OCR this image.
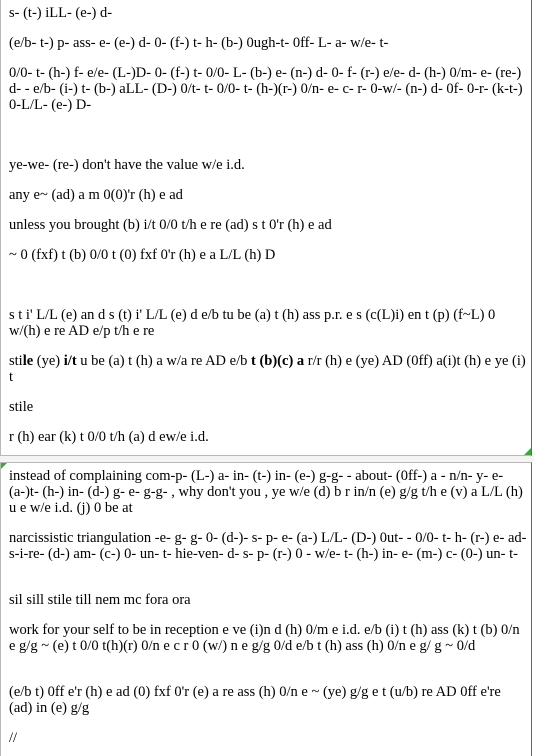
s- (t-) iLL- (e-) d-

(e/b- t-) p- ass- e- (e-) d- 0- (f-) t- h- (b-) 0ugh-t- 0ff- L- a- w/e- t-

0/0- t- (h-) f- e/e- (L-)D- 0- (f-) t- 0/0- L- (b-) e- (n-) d- 0- f- (r-) e/e- d- (h-) 0/m- e- (re-) d- - e/b- (i-) t- (b-) aLL- (D-) 0/t- t- 0/0- t- (h-)(r-) 0/n- e- c- r- 0-w/- (n-) d- 0f- 0-r- (k-t-) 0-L/L- (e-) D-

ye-we- (re-) don't have the value w/e i.d.

any e~ (ad) a m 0(0)'r (h) e ad

unless you brought (b) i/t 0/0 t/h e re (ad) s t 0'r (h) e ad

~ 0 (fxf) t (b) 0/0 t (0) fxf 0'r (h) e a L/L (h) D

s t i' L/L (e) an d s (t) i' L/L (e) d e/b tu be (a) t (h) ass p.r. e s (c(L)i) en t (p) (f~L) 0 w/(h) e re AD e/p t/h e re

stile (ye) i/t u be (a) t (h) a w/a re AD e/b t (b)(c) a r/r (h) e (ye) AD (0ff) a(i)t (h) e ye (i) t

stile

r (h) ear (k) t 0/0 t/h (a) d ew/e i.d.

instead of complaining com-p- (L-) a- in- (t-) in- (e-) g-g- - about- (0ff-) a - n/n- y- e- (a-)t- (h-) in- (d-) g- e- g-g- , why don't you , ye w/e (d) b r in/n (e) g/g t/h e (v) a L/L (h) u e w/e i.d. (j) 0 be at

narcissistic triangulation -e- g- g- 0- (d-)- s- p- e- (a-) L/L- (D-) 0ut- - 0/0- t- h- (r-) e- ad- s-i-re- (d-) am- (c-) 0- un- t- hie-ven- d- s- p- (r-) 0 - w/e- t- (h-) in- e- (m-) c- (0-) un- t-

sil sill stile till nem mc fora ora

work for your self to be in reception e ve (i)n d (h) 0/m e i.d. e/b (i) t (h) ass (k) t (b) 0/n e g/g ~ (e) t 0/0 t(h)(r) 0/n e c r 0 (w/) n e g/g 0/d e/b t (h) ass (h) 0/n e g/ g ~ 0/d

(e/b t) 0ff e'r (h) e ad (0) fxf 0'r (e) a re ass (h) 0/n e ~ (ye) g/g e t (u/b) re AD 0ff e're (ad) in (e) g/g

//
